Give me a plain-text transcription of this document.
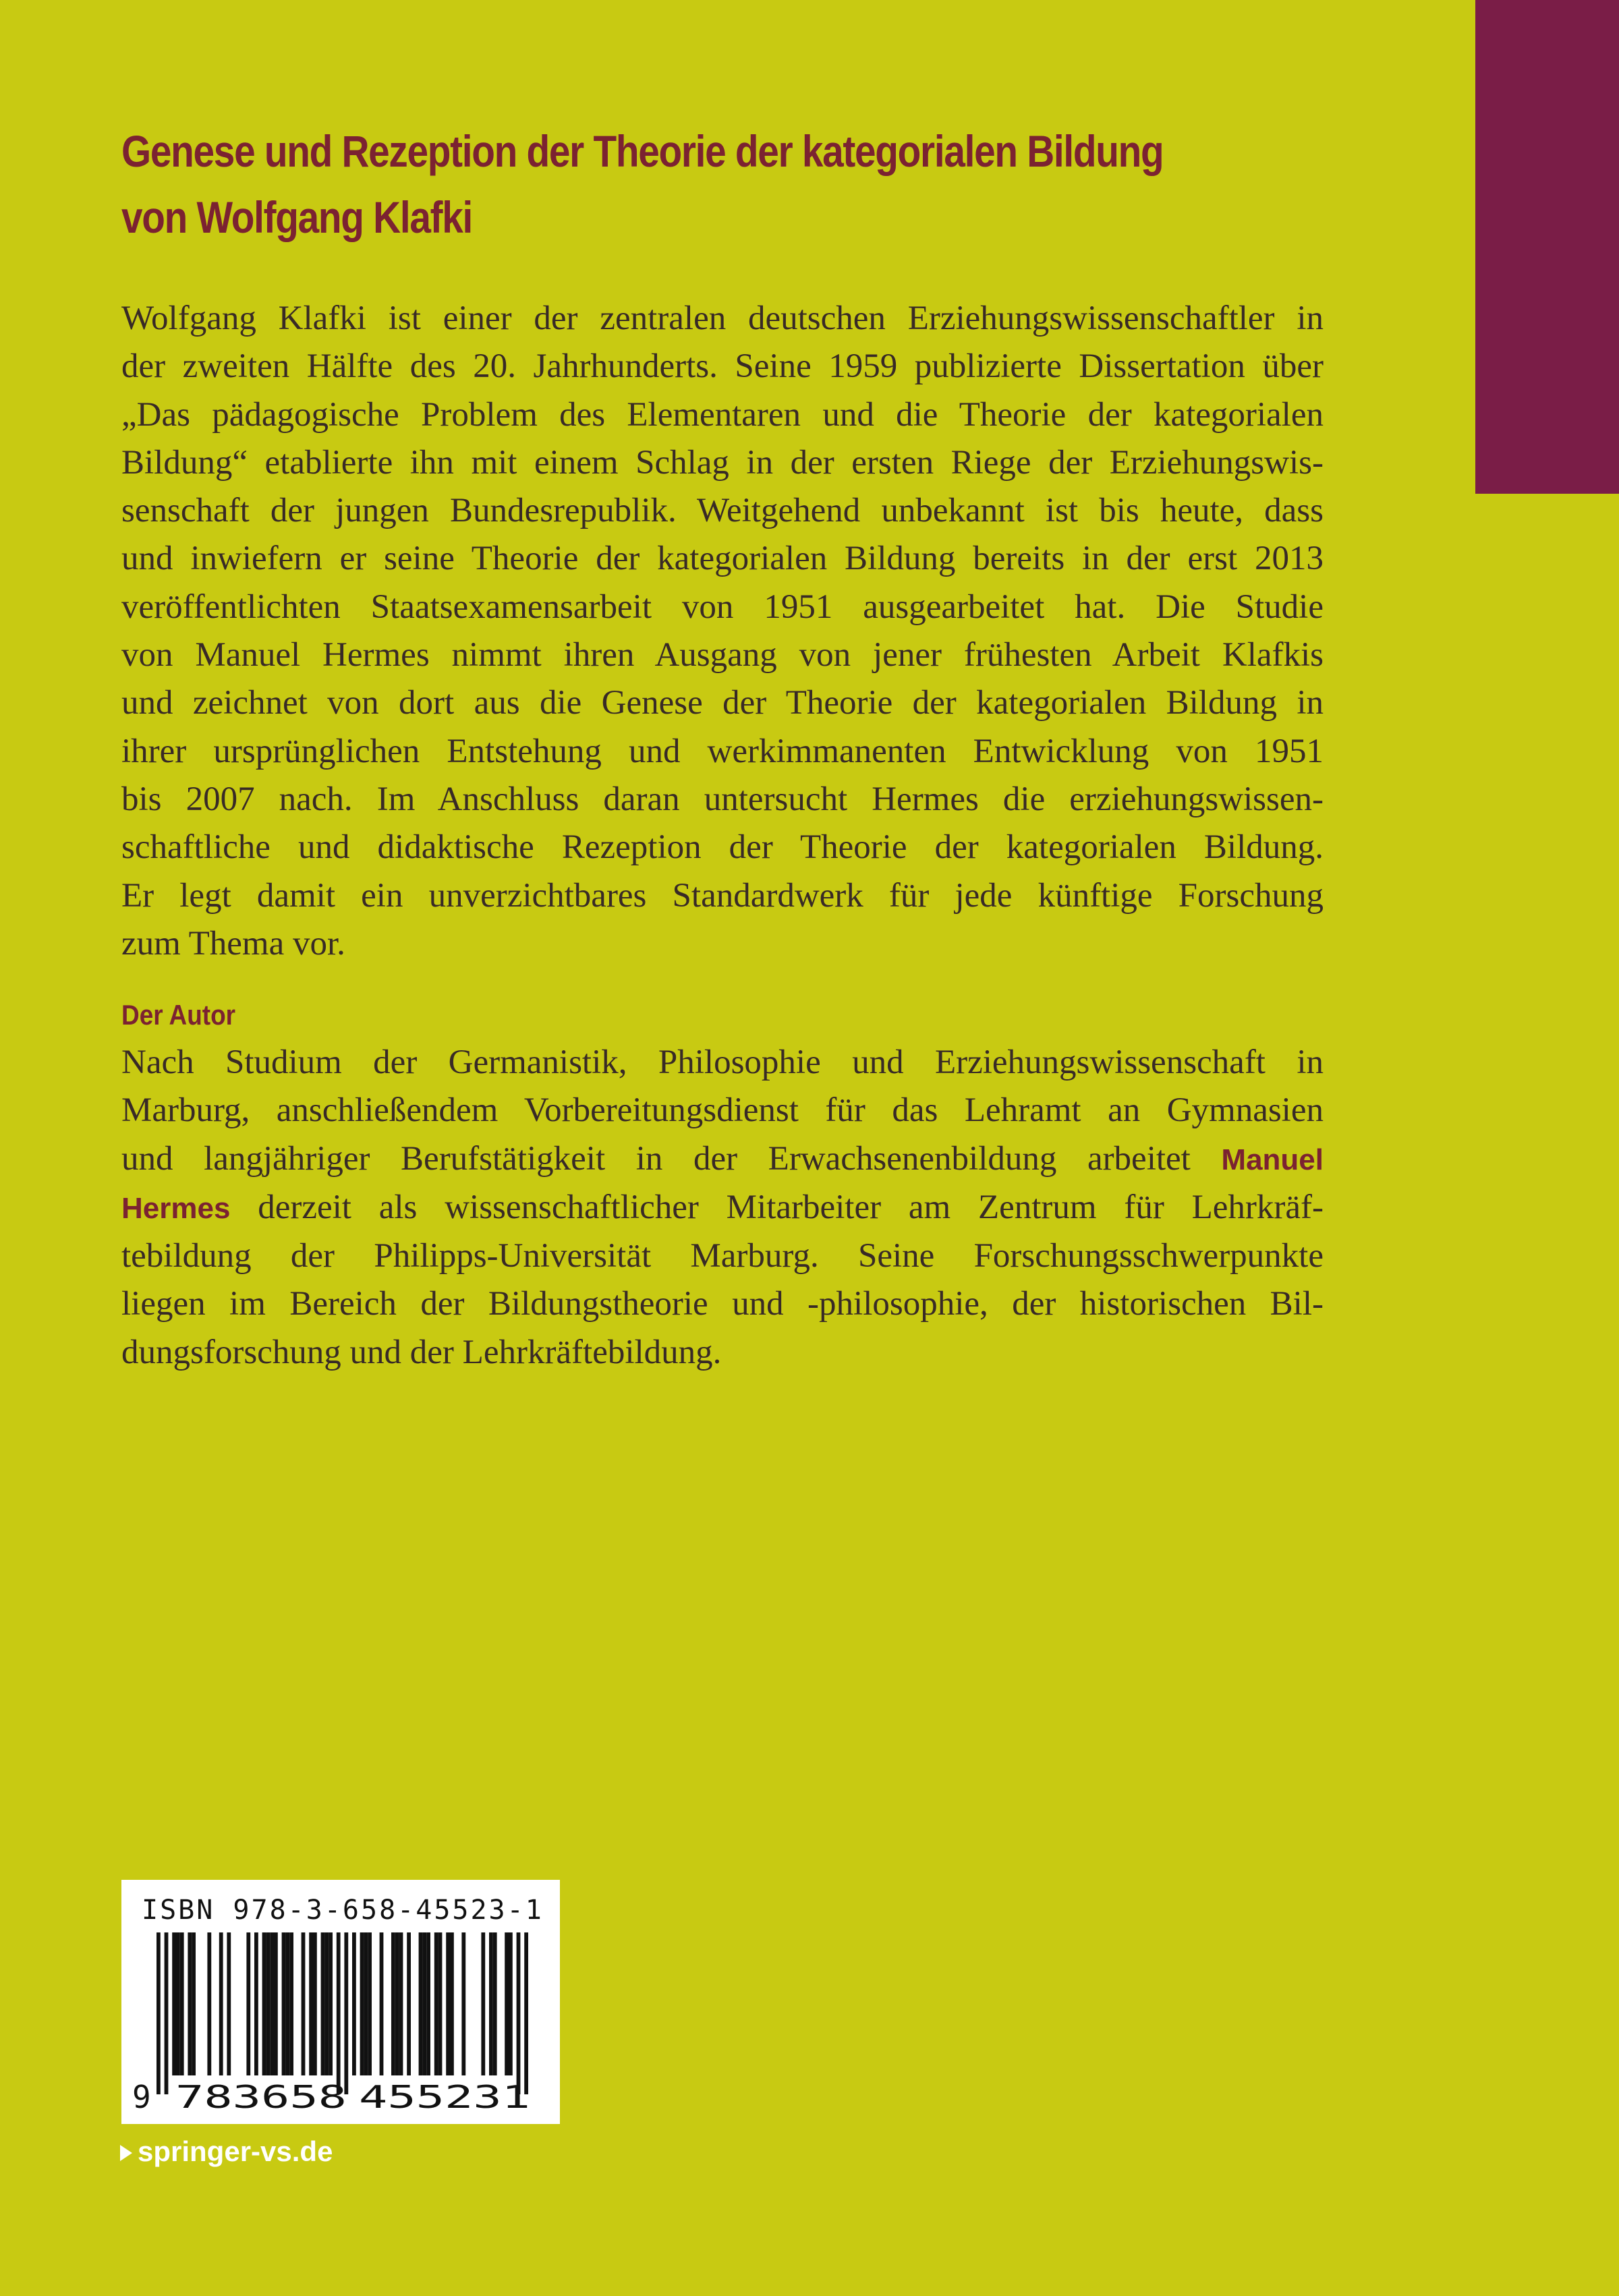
Genese und Rezeption der Theorie der kategorialen Bildung
von Wolfgang Klafki
Wolfgang Klafki ist einer der zentralen deutschen Erziehungswissenschaftler in
der zweiten Hälfte des 20. Jahrhunderts. Seine 1959 publizierte Dissertation über
„Das pädagogische Problem des Elementaren und die Theorie der kategorialen
Bildung“ etablierte ihn mit einem Schlag in der ersten Riege der Erziehungswis-
senschaft der jungen Bundesrepublik. Weitgehend unbekannt ist bis heute, dass
und inwiefern er seine Theorie der kategorialen Bildung bereits in der erst 2013
veröffentlichten Staatsexamensarbeit von 1951 ausgearbeitet hat. Die Studie
von Manuel Hermes nimmt ihren Ausgang von jener frühesten Arbeit Klafkis
und zeichnet von dort aus die Genese der Theorie der kategorialen Bildung in
ihrer ursprünglichen Entstehung und werkimmanenten Entwicklung von 1951
bis 2007 nach. Im Anschluss daran untersucht Hermes die erziehungswissen-
schaftliche und didaktische Rezeption der Theorie der kategorialen Bildung.
Er legt damit ein unverzichtbares Standardwerk für jede künftige Forschung
zum Thema vor.
Der Autor
Nach Studium der Germanistik, Philosophie und Erziehungswissenschaft in
Marburg, anschließendem Vorbereitungsdienst für das Lehramt an Gymnasien
und langjähriger Berufstätigkeit in der Erwachsenenbildung arbeitet Manuel
Hermes derzeit als wissenschaftlicher Mitarbeiter am Zentrum für Lehrkräf-
tebildung der Philipps-Universität Marburg. Seine Forschungsschwerpunkte
liegen im Bereich der Bildungstheorie und -philosophie, der historischen Bil-
dungsforschung und der Lehrkräftebildung.
ISBN 978-3-658-45523-1
9 783658 455231
springer-vs.de
